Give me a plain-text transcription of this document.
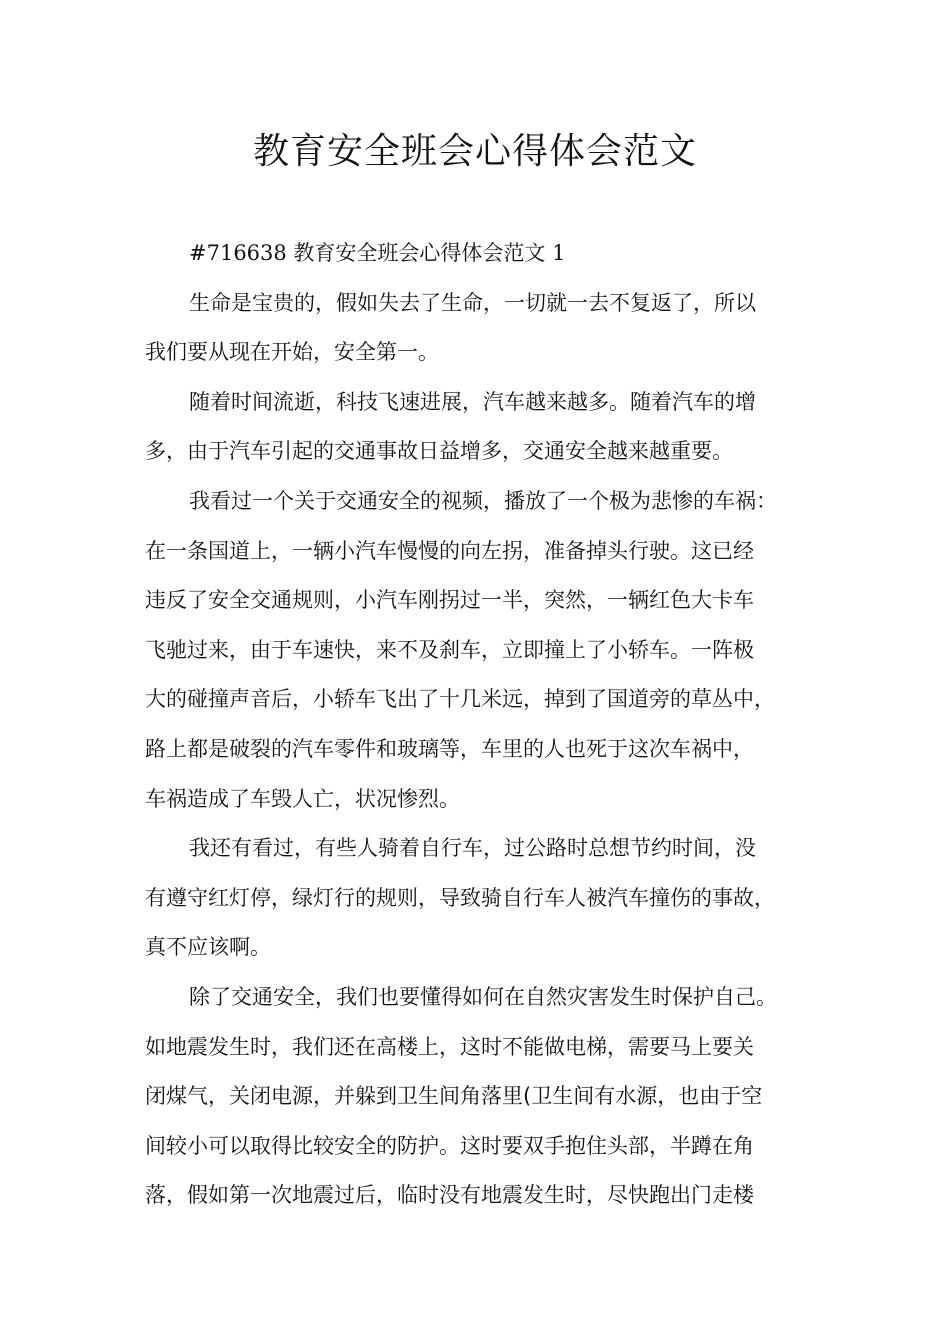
教育安全班会心得体会范文
#716638 教育安全班会心得体会范文 1
生命是宝贵的，假如失去了生命，一切就一去不复返了，所以
我们要从现在开始，安全第一。
随着时间流逝，科技飞速进展，汽车越来越多。随着汽车的增
多，由于汽车引起的交通事故日益增多，交通安全越来越重要。
我看过一个关于交通安全的视频，播放了一个极为悲惨的车祸：
在一条国道上，一辆小汽车慢慢的向左拐，准备掉头行驶。这已经
违反了安全交通规则，小汽车刚拐过一半，突然，一辆红色大卡车
飞驰过来，由于车速快，来不及刹车，立即撞上了小轿车。一阵极
大的碰撞声音后，小轿车飞出了十几米远，掉到了国道旁的草丛中，
路上都是破裂的汽车零件和玻璃等，车里的人也死于这次车祸中，
车祸造成了车毁人亡，状况惨烈。
我还有看过，有些人骑着自行车，过公路时总想节约时间，没
有遵守红灯停，绿灯行的规则，导致骑自行车人被汽车撞伤的事故，
真不应该啊。
除了交通安全，我们也要懂得如何在自然灾害发生时保护自己。
如地震发生时，我们还在高楼上，这时不能做电梯，需要马上要关
闭煤气，关闭电源，并躲到卫生间角落里(卫生间有水源，也由于空
间较小可以取得比较安全的防护。这时要双手抱住头部，半蹲在角
落，假如第一次地震过后，临时没有地震发生时，尽快跑出门走楼
